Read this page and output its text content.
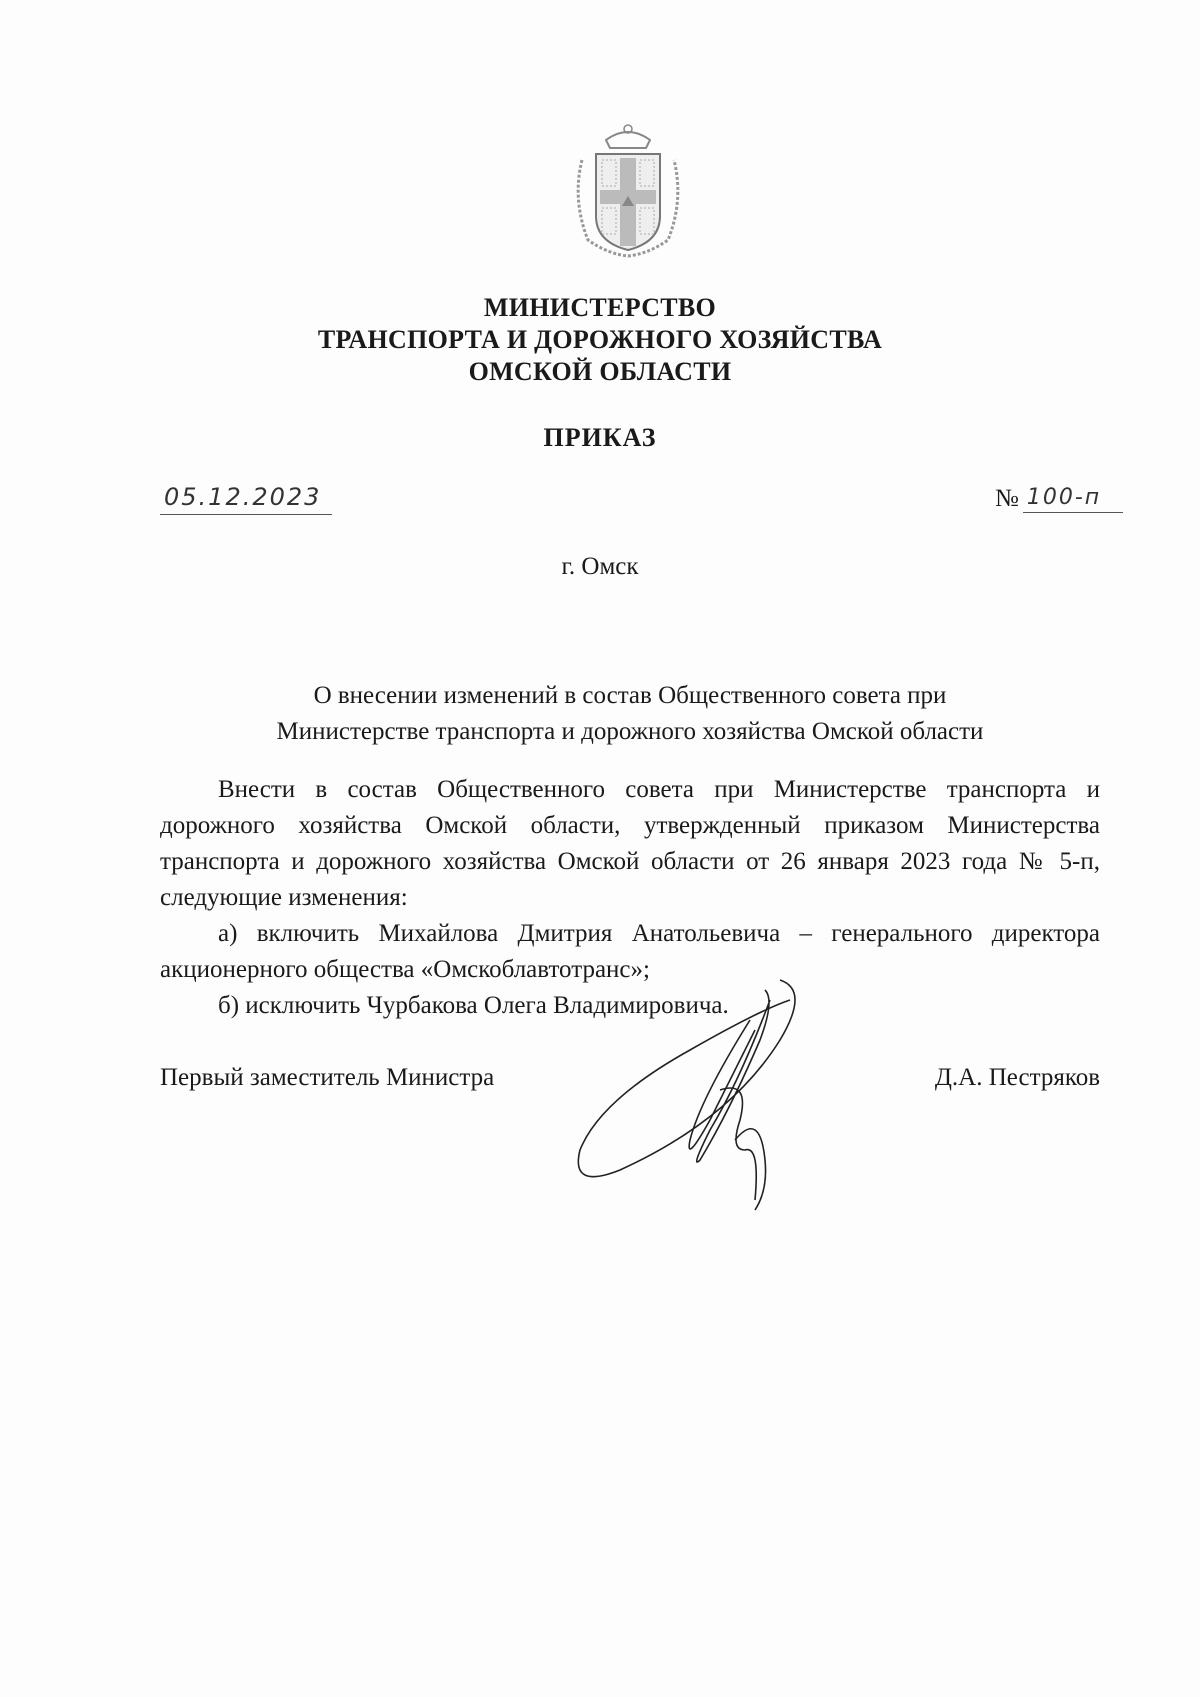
МИНИСТЕРСТВО
ТРАНСПОРТА И ДОРОЖНОГО ХОЗЯЙСТВА
ОМСКОЙ ОБЛАСТИ
ПРИКАЗ
05.12.2023	№ 100-п
г. Омск
О внесении изменений в состав Общественного совета при
Министерстве транспорта и дорожного хозяйства Омской области

Внести в состав Общественного совета при Министерстве транспорта и дорожного хозяйства Омской области, утвержденный приказом Министерства транспорта и дорожного хозяйства Омской области от 26 января 2023 года № 5-п, следующие изменения:

а) включить Михайлова Дмитрия Анатольевича – генерального директора акционерного общества «Омскоблавтотранс»;

б) исключить Чурбакова Олега Владимировича.

Первый заместитель Министра	Д.А. Пестряков
